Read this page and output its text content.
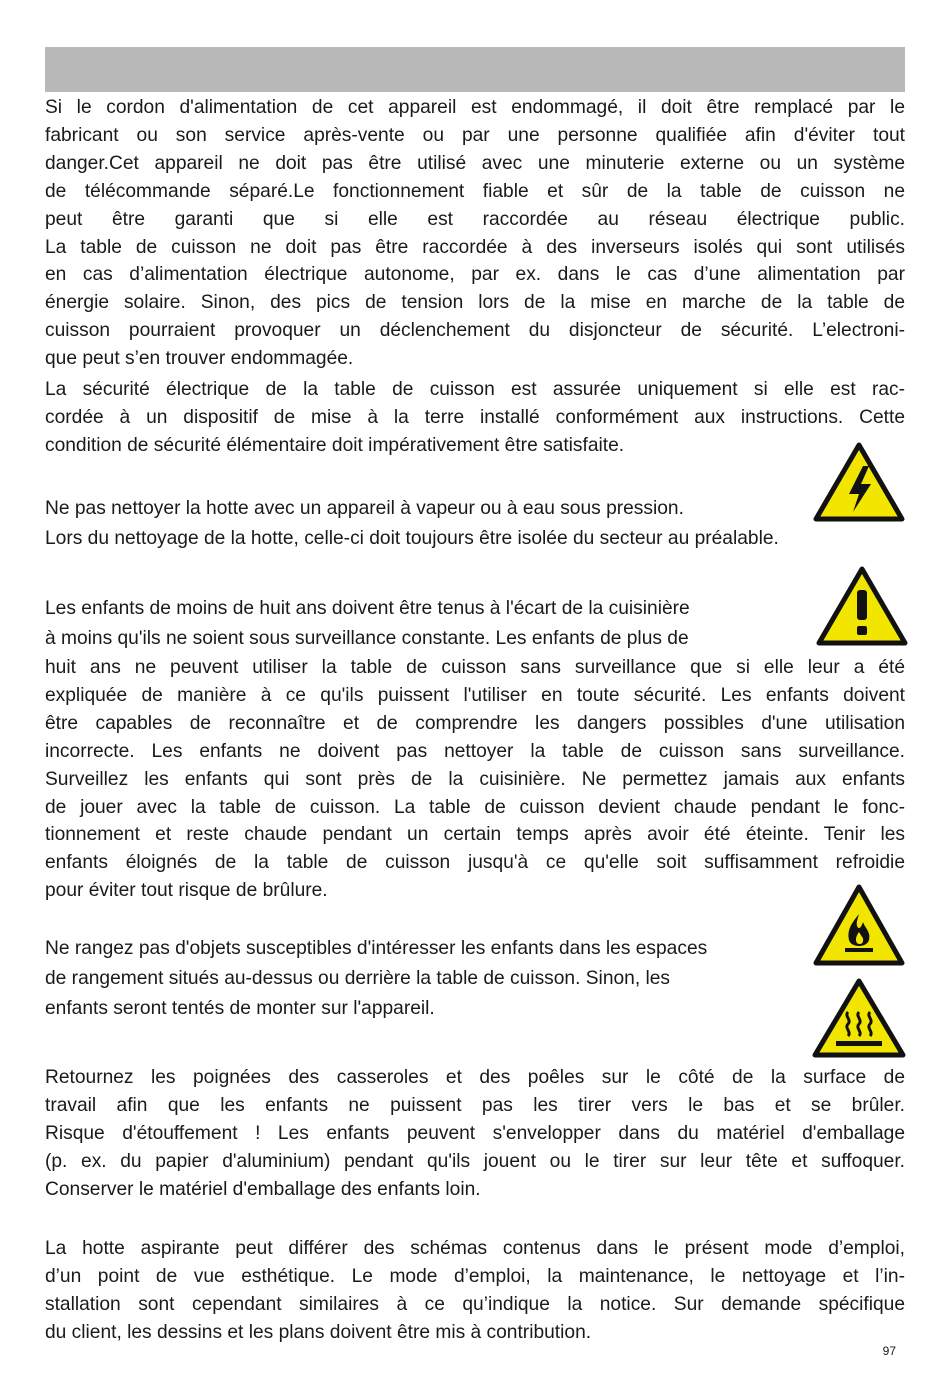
Si le cordon d'alimentation de cet appareil est endommagé, il doit être remplacé par le
fabricant ou son service après-vente ou par une personne qualifiée afin d'éviter tout
danger.Cet appareil ne doit pas être utilisé avec une minuterie externe ou un système
de télécommande séparé.Le fonctionnement fiable et sûr de la table de cuisson ne
peut être garanti que si elle est raccordée au réseau électrique public.
La table de cuisson ne doit pas être raccordée à des inverseurs isolés qui sont utilisés
en cas d’alimentation électrique autonome, par ex. dans le cas d’une alimentation par
énergie solaire. Sinon, des pics de tension lors de la mise en marche de la table de
cuisson pourraient provoquer un déclenchement du disjoncteur de sécurité. L’electroni-
que peut s’en trouver endommagée.
La sécurité électrique de la table de cuisson est assurée uniquement si elle est rac-
cordée à un dispositif de mise à la terre installé conformément aux instructions. Cette
condition de sécurité élémentaire doit impérativement être satisfaite.
Ne pas nettoyer la hotte avec un appareil à vapeur ou à eau sous pression.
Lors du nettoyage de la hotte, celle-ci doit toujours être isolée du secteur au préalable.
Les enfants de moins de huit ans doivent être tenus à l'écart de la cuisinière
à moins qu'ils ne soient sous surveillance constante. Les enfants de plus de
huit ans ne peuvent utiliser la table de cuisson sans surveillance que si elle leur a été
expliquée de manière à ce qu'ils puissent l'utiliser en toute sécurité. Les enfants doivent
être capables de reconnaître et de comprendre les dangers possibles d'une utilisation
incorrecte. Les enfants ne doivent pas nettoyer la table de cuisson sans surveillance.
Surveillez les enfants qui sont près de la cuisinière. Ne permettez jamais aux enfants
de jouer avec la table de cuisson. La table de cuisson devient chaude pendant le fonc-
tionnement et reste chaude pendant un certain temps après avoir été éteinte. Tenir les
enfants éloignés de la table de cuisson jusqu'à ce qu'elle soit suffisamment refroidie
pour éviter tout risque de brûlure.
Ne rangez pas d'objets susceptibles d'intéresser les enfants dans les espaces
de rangement situés au-dessus ou derrière la table de cuisson. Sinon, les
enfants seront tentés de monter sur l'appareil.
Retournez les poignées des casseroles et des poêles sur le côté de la surface de
travail afin que les enfants ne puissent pas les tirer vers le bas et se brûler.
Risque d'étouffement ! Les enfants peuvent s'envelopper dans du matériel d'emballage
(p. ex. du papier d'aluminium) pendant qu'ils jouent ou le tirer sur leur tête et suffoquer.
Conserver le matériel d'emballage des enfants loin.
La hotte aspirante peut différer des schémas contenus dans le présent mode d’emploi,
d’un point de vue esthétique. Le mode d’emploi, la maintenance, le nettoyage et l’in-
stallation sont cependant similaires à ce qu’indique la notice. Sur demande spécifique
du client, les dessins et les plans doivent être mis à contribution.
97
